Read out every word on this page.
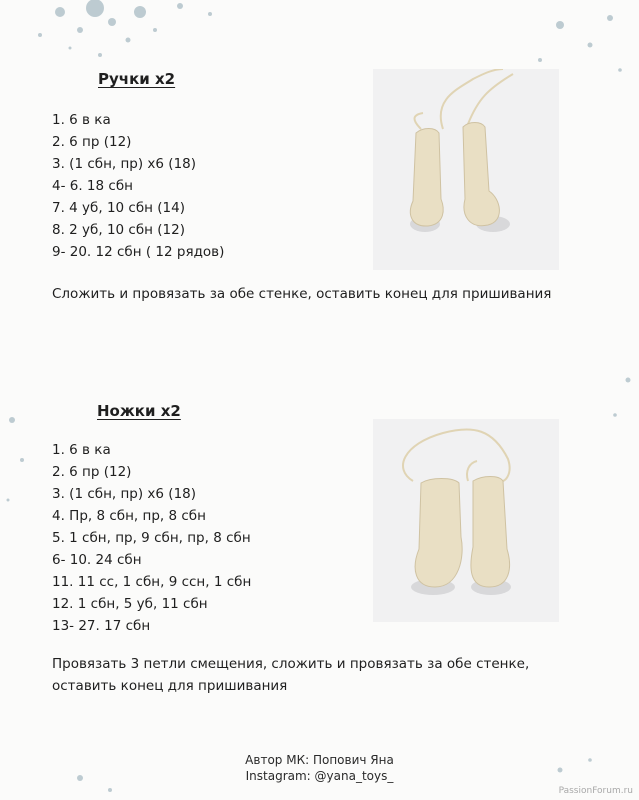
Ручки х2
1. 6 в ка
2. 6 пр (12)
3. (1 сбн, пр) х6 (18)
4- 6. 18 сбн
7. 4 уб, 10 сбн (14)
8. 2 уб, 10 сбн (12)
9- 20. 12 сбн ( 12 рядов)

Сложить и провязать за обе стенке, оставить конец для пришивания

Ножки х2
1. 6 в ка
2. 6 пр (12)
3. (1 сбн, пр) х6 (18)
4. Пр, 8 сбн, пр, 8 сбн
5. 1 сбн, пр, 9 сбн, пр, 8 сбн
6- 10. 24 сбн
11. 11 сс, 1 сбн, 9 ссн, 1 сбн
12. 1 сбн, 5 уб, 11 сбн
13- 27. 17 сбн

Провязать 3 петли смещения, сложить и провязать за обе стенке,

оставить конец для пришивания

Автор МК: Попович Яна
Instagram: @yana_toys_
PassionForum.ru
